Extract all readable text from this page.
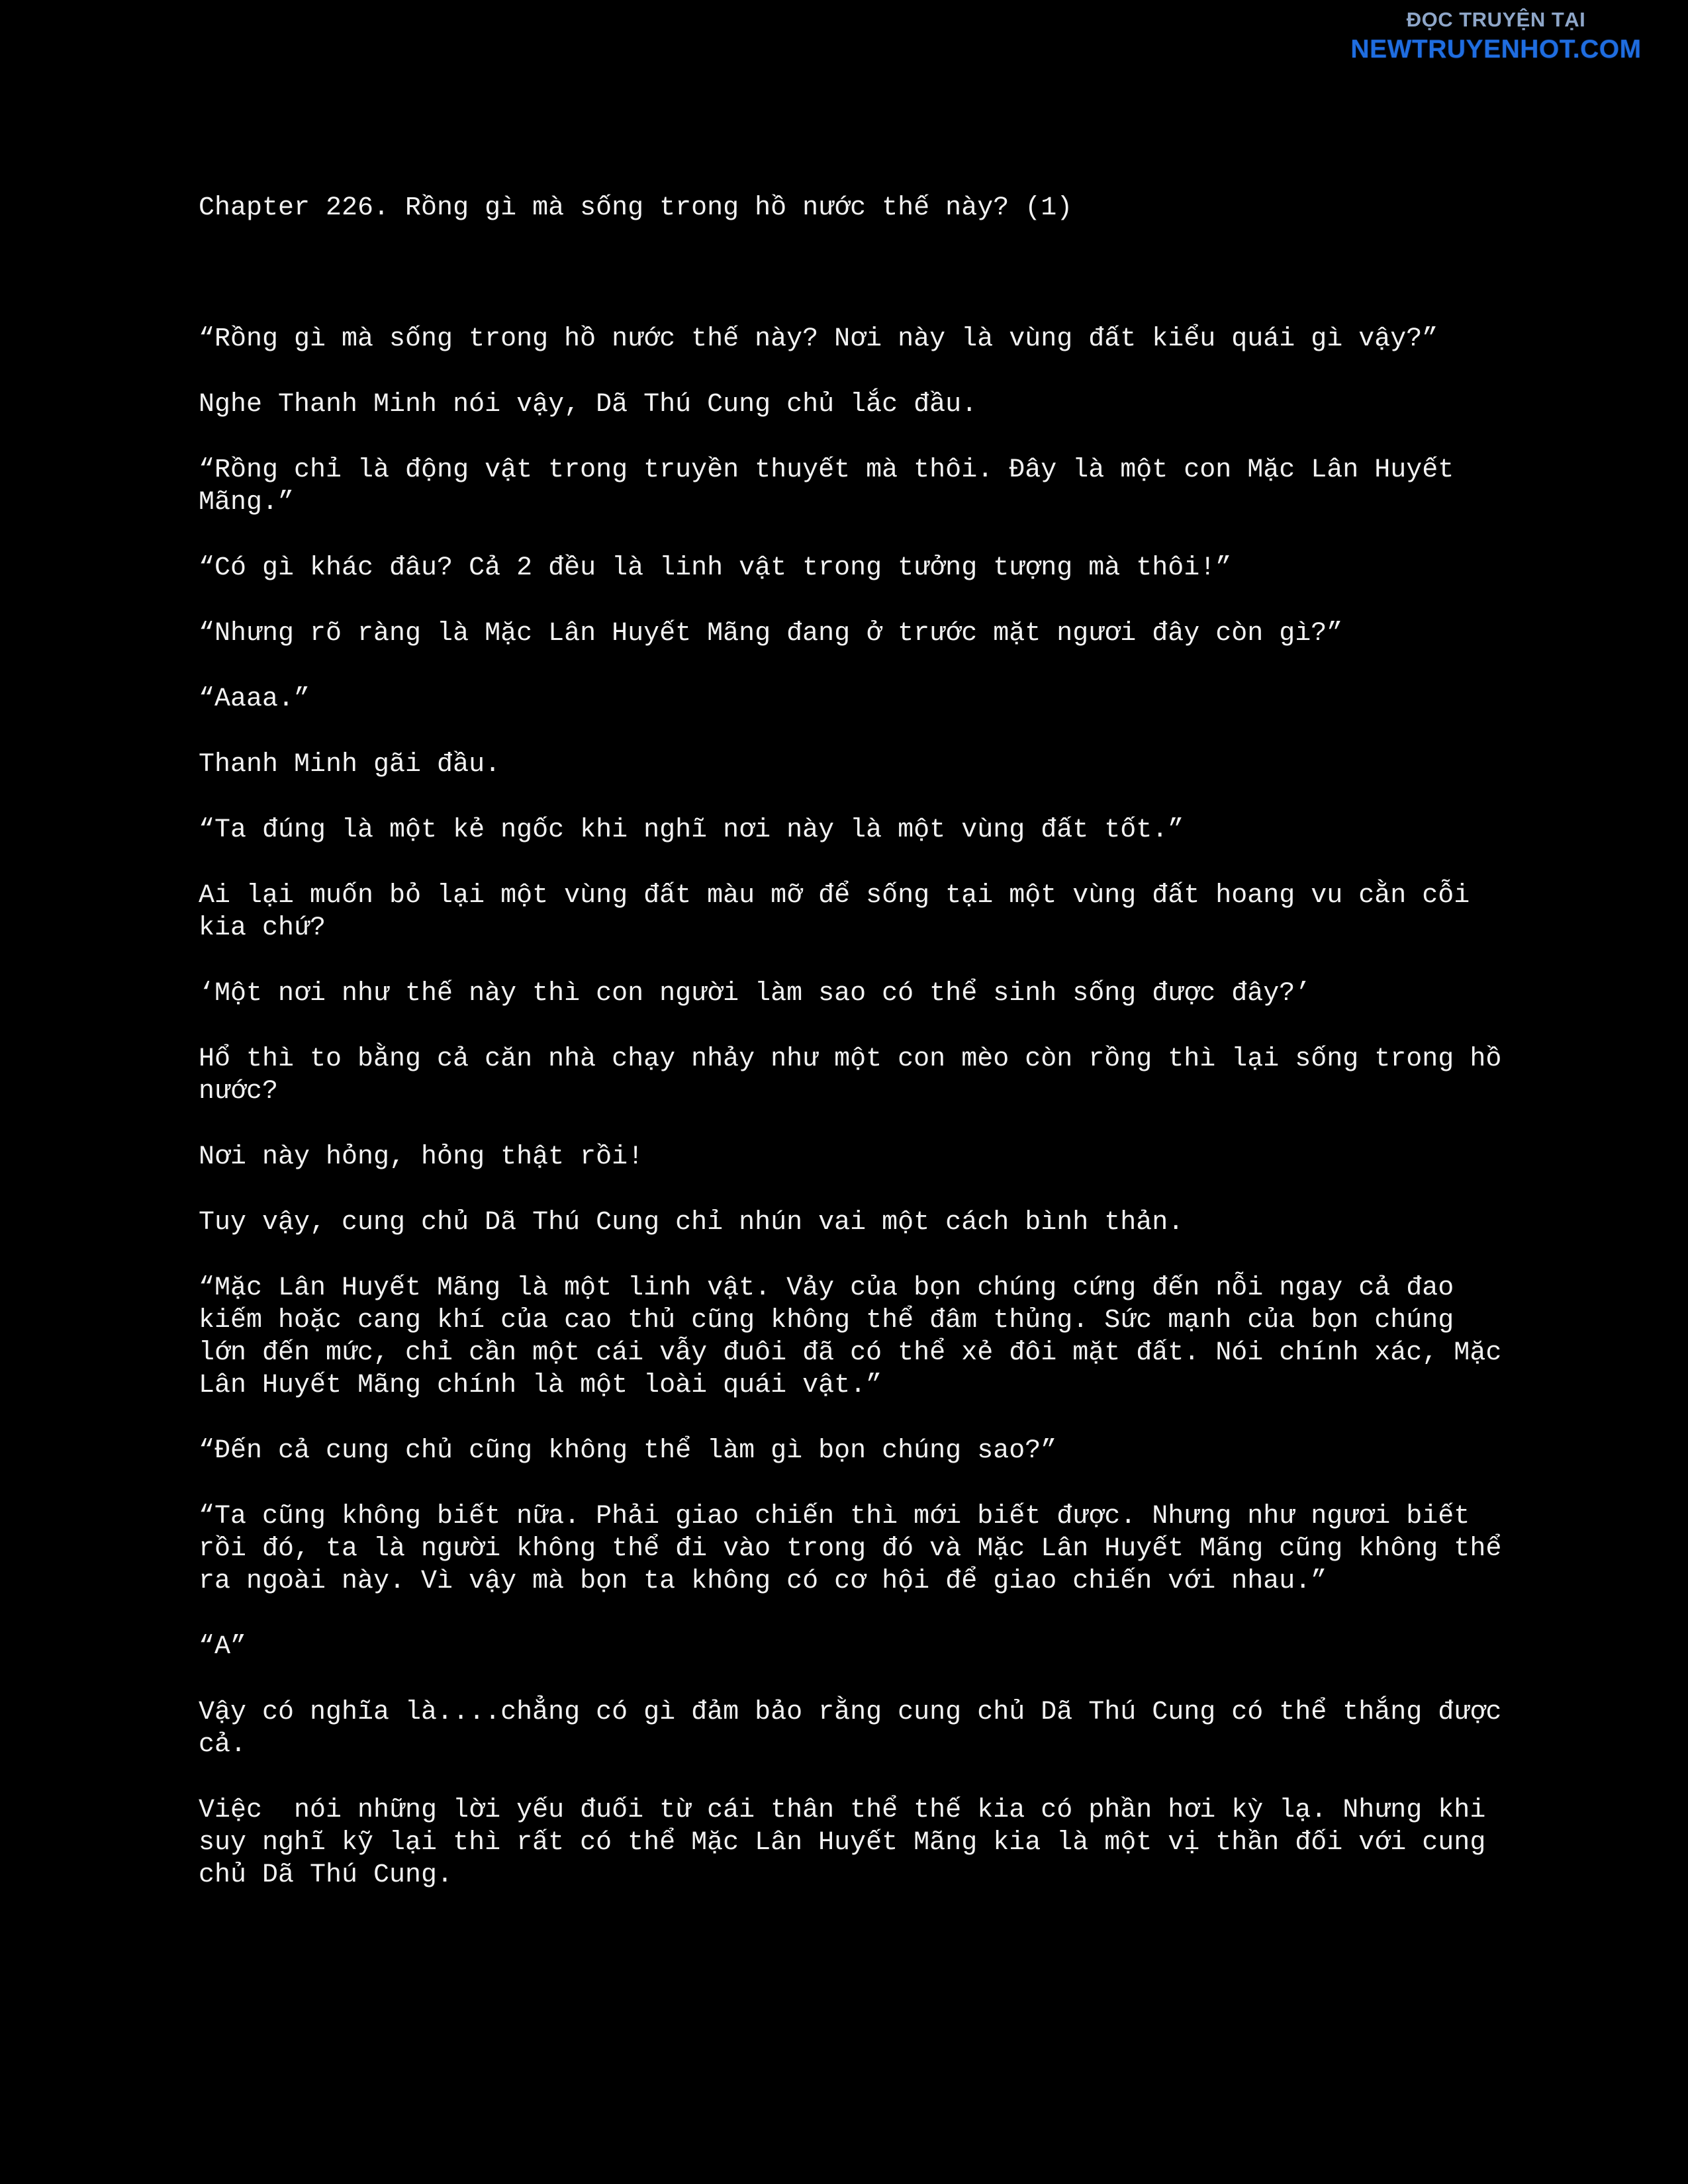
ĐỌC TRUYỆN TẠI
NEWTRUYENHOT.COM
Chapter 226. Rồng gì mà sống trong hồ nước thế này? (1)

“Rồng gì mà sống trong hồ nước thế này? Nơi này là vùng đất kiểu quái gì vậy?”

Nghe Thanh Minh nói vậy, Dã Thú Cung chủ lắc đầu.

“Rồng chỉ là động vật trong truyền thuyết mà thôi. Đây là một con Mặc Lân Huyết Mãng.”

“Có gì khác đâu? Cả 2 đều là linh vật trong tưởng tượng mà thôi!”

“Nhưng rõ ràng là Mặc Lân Huyết Mãng đang ở trước mặt ngươi đây còn gì?”

“Aaaa.”

Thanh Minh gãi đầu.

“Ta đúng là một kẻ ngốc khi nghĩ nơi này là một vùng đất tốt.”

Ai lại muốn bỏ lại một vùng đất màu mỡ để sống tại một vùng đất hoang vu cằn cỗi kia chứ?

‘Một nơi như thế này thì con người làm sao có thể sinh sống được đây?’

Hổ thì to bằng cả căn nhà chạy nhảy như một con mèo còn rồng thì lại sống trong hồ nước?

Nơi này hỏng, hỏng thật rồi!

Tuy vậy, cung chủ Dã Thú Cung chỉ nhún vai một cách bình thản.

“Mặc Lân Huyết Mãng là một linh vật. Vảy của bọn chúng cứng đến nỗi ngay cả đao kiếm hoặc cang khí của cao thủ cũng không thể đâm thủng. Sức mạnh của bọn chúng lớn đến mức, chỉ cần một cái vẫy đuôi đã có thể xẻ đôi mặt đất. Nói chính xác, Mặc Lân Huyết Mãng chính là một loài quái vật.”

“Đến cả cung chủ cũng không thể làm gì bọn chúng sao?”

“Ta cũng không biết nữa. Phải giao chiến thì mới biết được. Nhưng như ngươi biết rồi đó, ta là người không thể đi vào trong đó và Mặc Lân Huyết Mãng cũng không thể ra ngoài này. Vì vậy mà bọn ta không có cơ hội để giao chiến với nhau.”

“A”

Vậy có nghĩa là....chẳng có gì đảm bảo rằng cung chủ Dã Thú Cung có thể thắng được cả.

Việc  nói những lời yếu đuối từ cái thân thể thế kia có phần hơi kỳ lạ. Nhưng khi suy nghĩ kỹ lại thì rất có thể Mặc Lân Huyết Mãng kia là một vị thần đối với cung chủ Dã Thú Cung.
